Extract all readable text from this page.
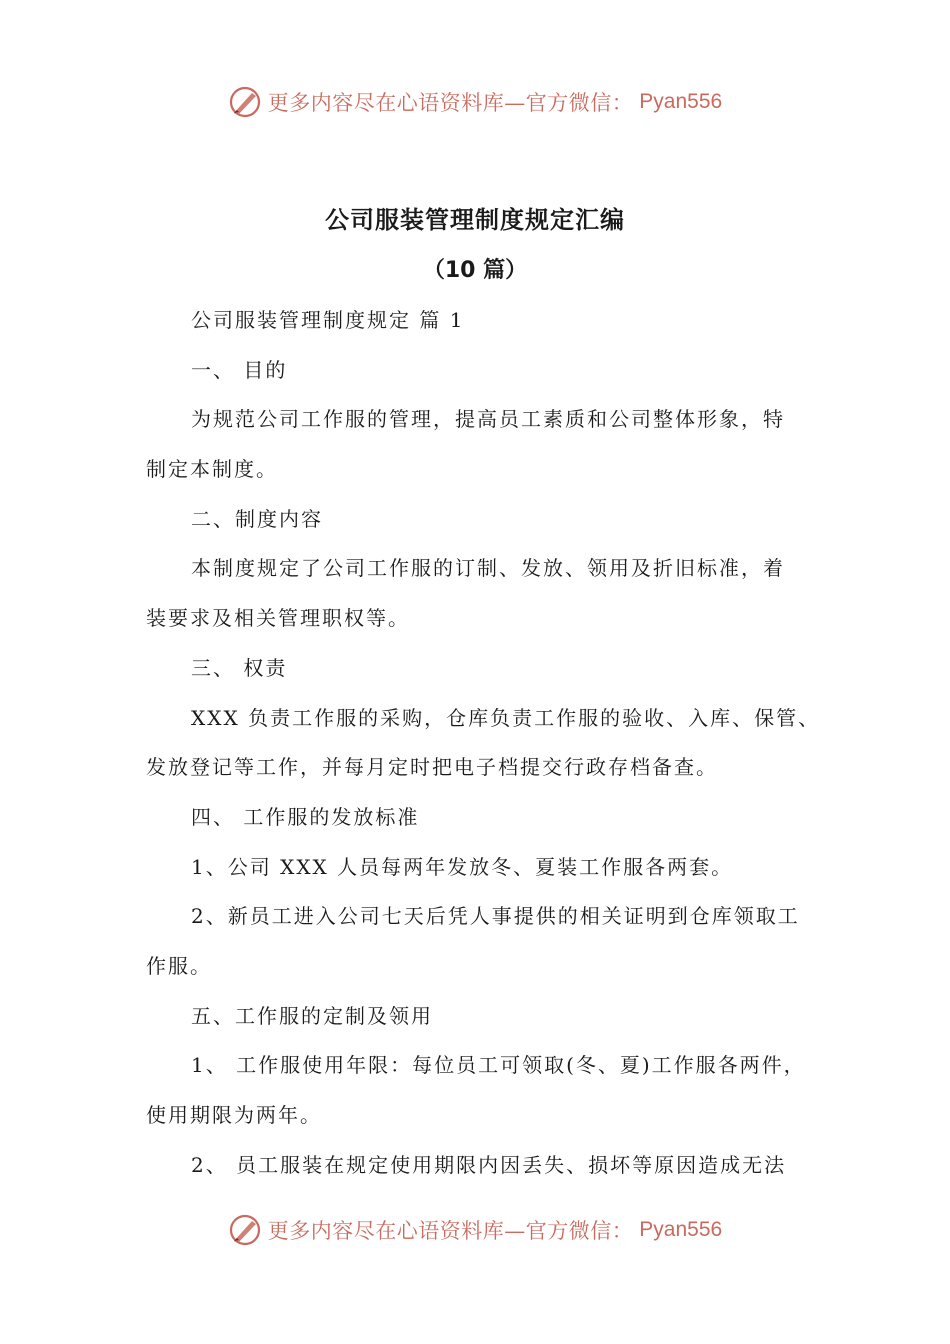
更多内容尽在心语资料库—官方微信： Pyan556
公司服装管理制度规定汇编
（10 篇）
公司服装管理制度规定 篇 1
一、 目的
为规范公司工作服的管理，提高员工素质和公司整体形象，特
制定本制度。
二、制度内容
本制度规定了公司工作服的订制、发放、领用及折旧标准，着
装要求及相关管理职权等。
三、 权责
XXX 负责工作服的采购，仓库负责工作服的验收、入库、保管、
发放登记等工作，并每月定时把电子档提交行政存档备查。
四、 工作服的发放标准
1、公司 XXX 人员每两年发放冬、夏装工作服各两套。
2、新员工进入公司七天后凭人事提供的相关证明到仓库领取工
作服。
五、工作服的定制及领用
1、 工作服使用年限：每位员工可领取(冬、夏)工作服各两件，
使用期限为两年。
2、 员工服装在规定使用期限内因丢失、损坏等原因造成无法
更多内容尽在心语资料库—官方微信： Pyan556
